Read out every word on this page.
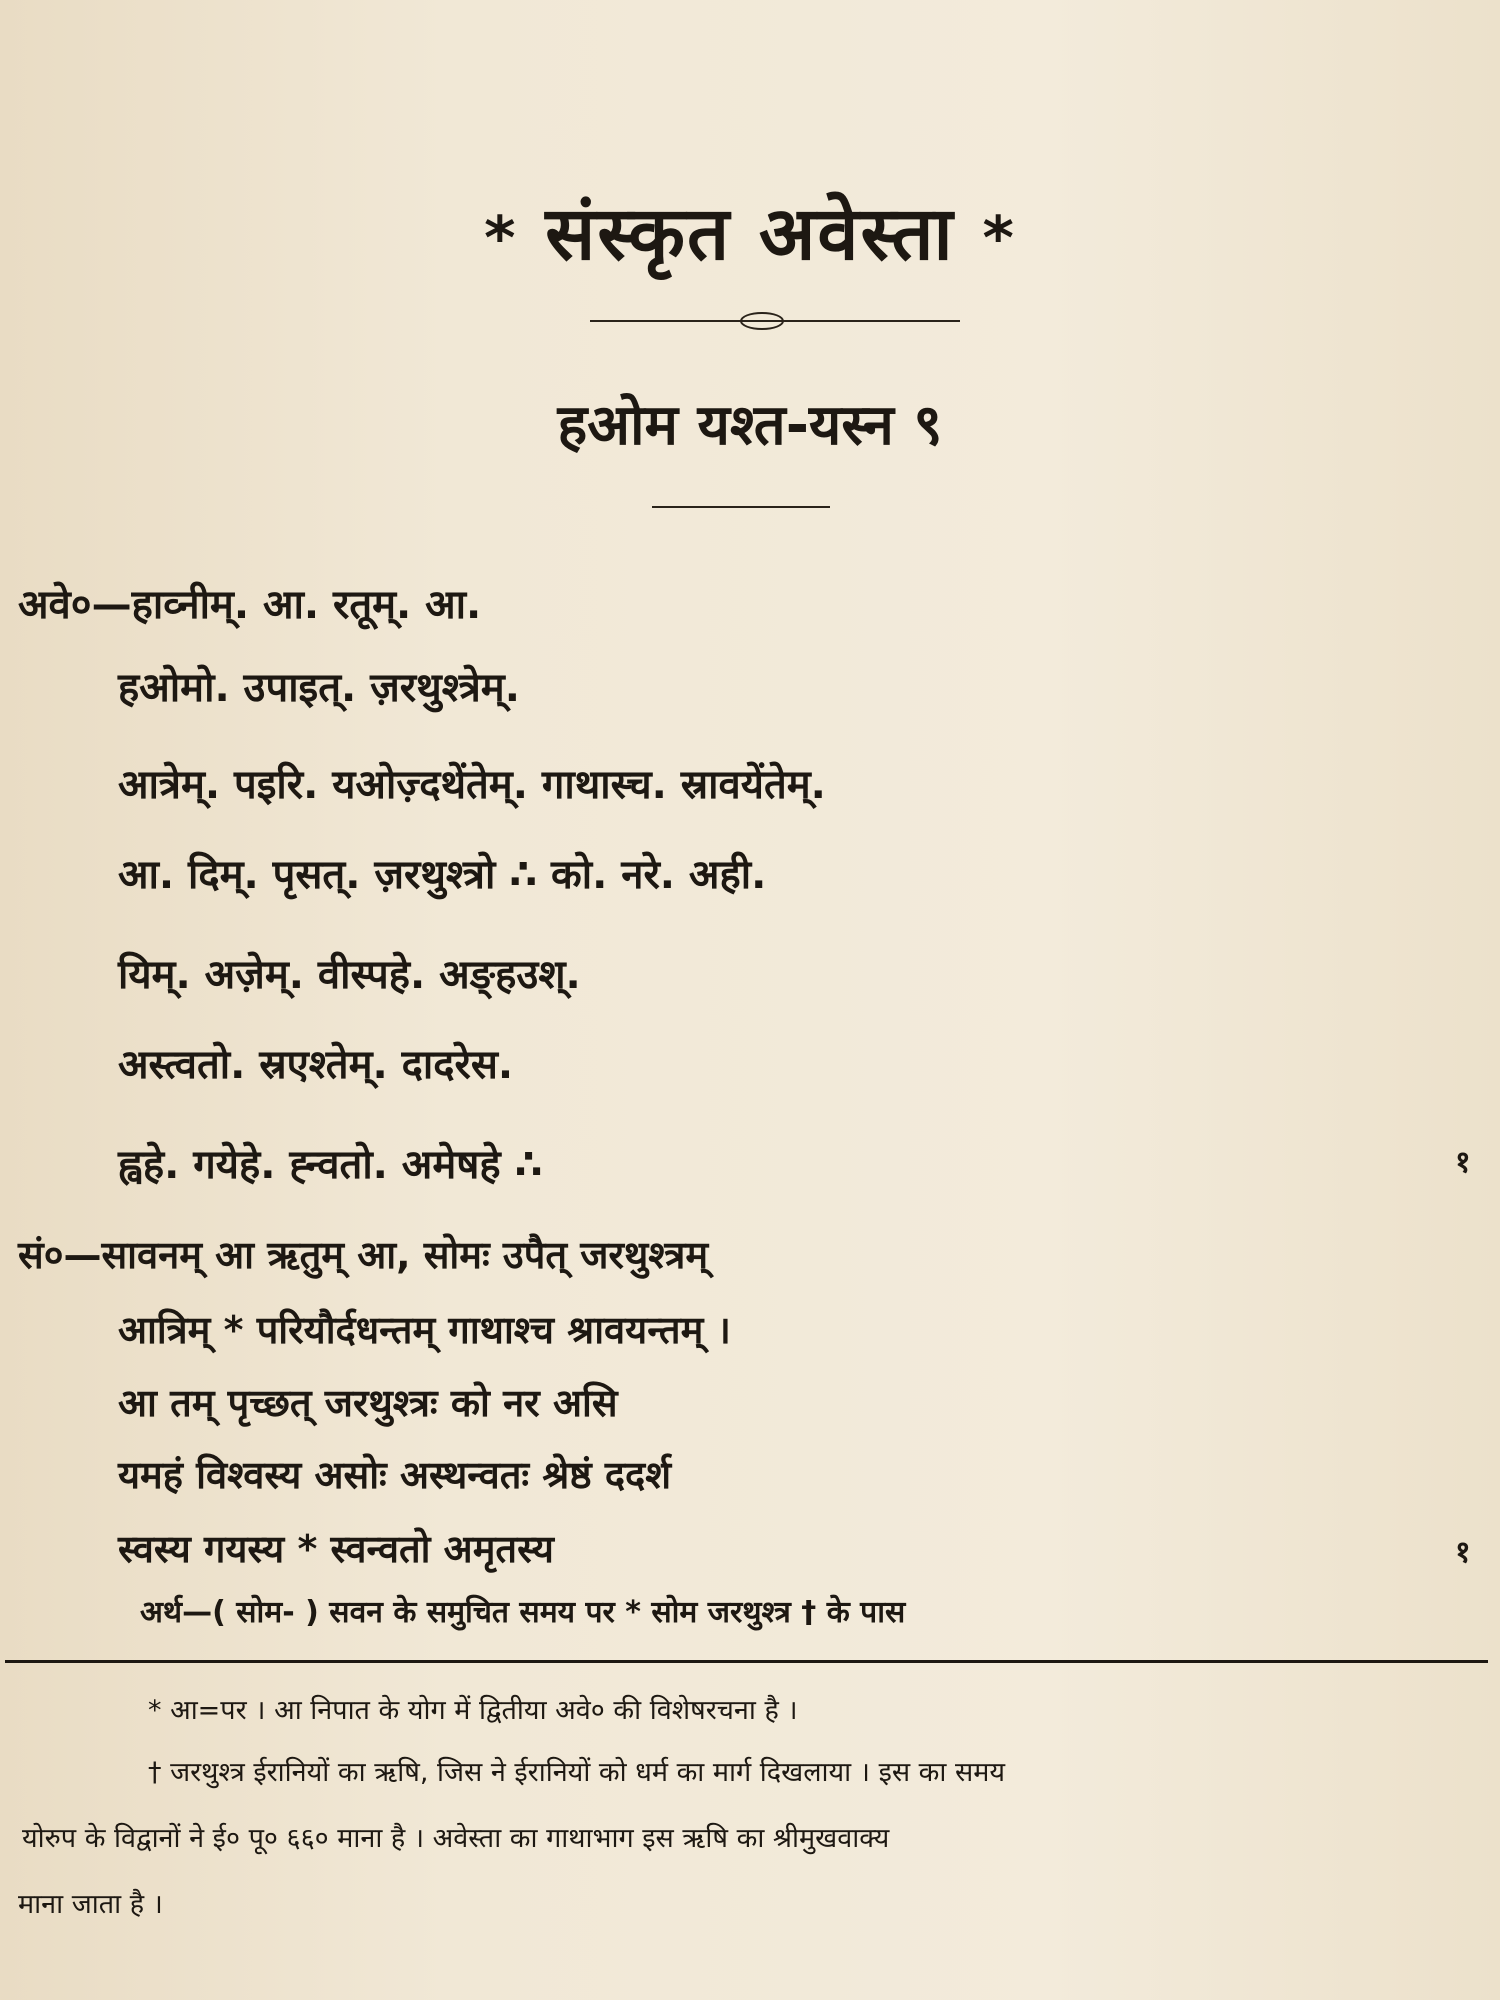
* संस्कृत अवेस्ता *
हओम यश्त-यस्न ९
अवे०—हाव्नीम्. आ. रतूम्. आ.
हओमो. उपाइत्. ज़रथुश्त्रेम्.
आत्रेम्. पइरि. यओज़्दथेंतेम्. गाथास्च. स्रावयेंतेम्.
आ. दिम्. पृसत्. ज़रथुश्त्रो ∴ को. नरे. अही.
यिम्. अज़ेम्. वीस्पहे. अङ्हउश्.
अस्त्वतो. स्रएश्तेम्. दादरेस.
ह्वहे. गयेहे. ह्न्वतो. अमेषहे ∴	१
सं०—सावनम् आ ऋतुम् आ, सोमः उपैत् जरथुश्त्रम्
आत्रिम् * परियौर्दधन्तम् गाथाश्च श्रावयन्तम् ।
आ तम् पृच्छत् जरथुश्त्रः को नर असि
यमहं विश्वस्य असोः अस्थन्वतः श्रेष्ठं ददर्श
स्वस्य गयस्य * स्वन्वतो अमृतस्य	१
अर्थ—( सोम- ) सवन के समुचित समय पर * सोम जरथुश्त्र † के पास
* आ=पर । आ निपात के योग में द्वितीया अवे० की विशेषरचना है ।
† जरथुश्त्र ईरानियों का ऋषि, जिस ने ईरानियों को धर्म का मार्ग दिखलाया । इस का समय
योरुप के विद्वानों ने ई० पू० ६६० माना है । अवेस्ता का गाथाभाग इस ऋषि का श्रीमुखवाक्य
माना जाता है ।
